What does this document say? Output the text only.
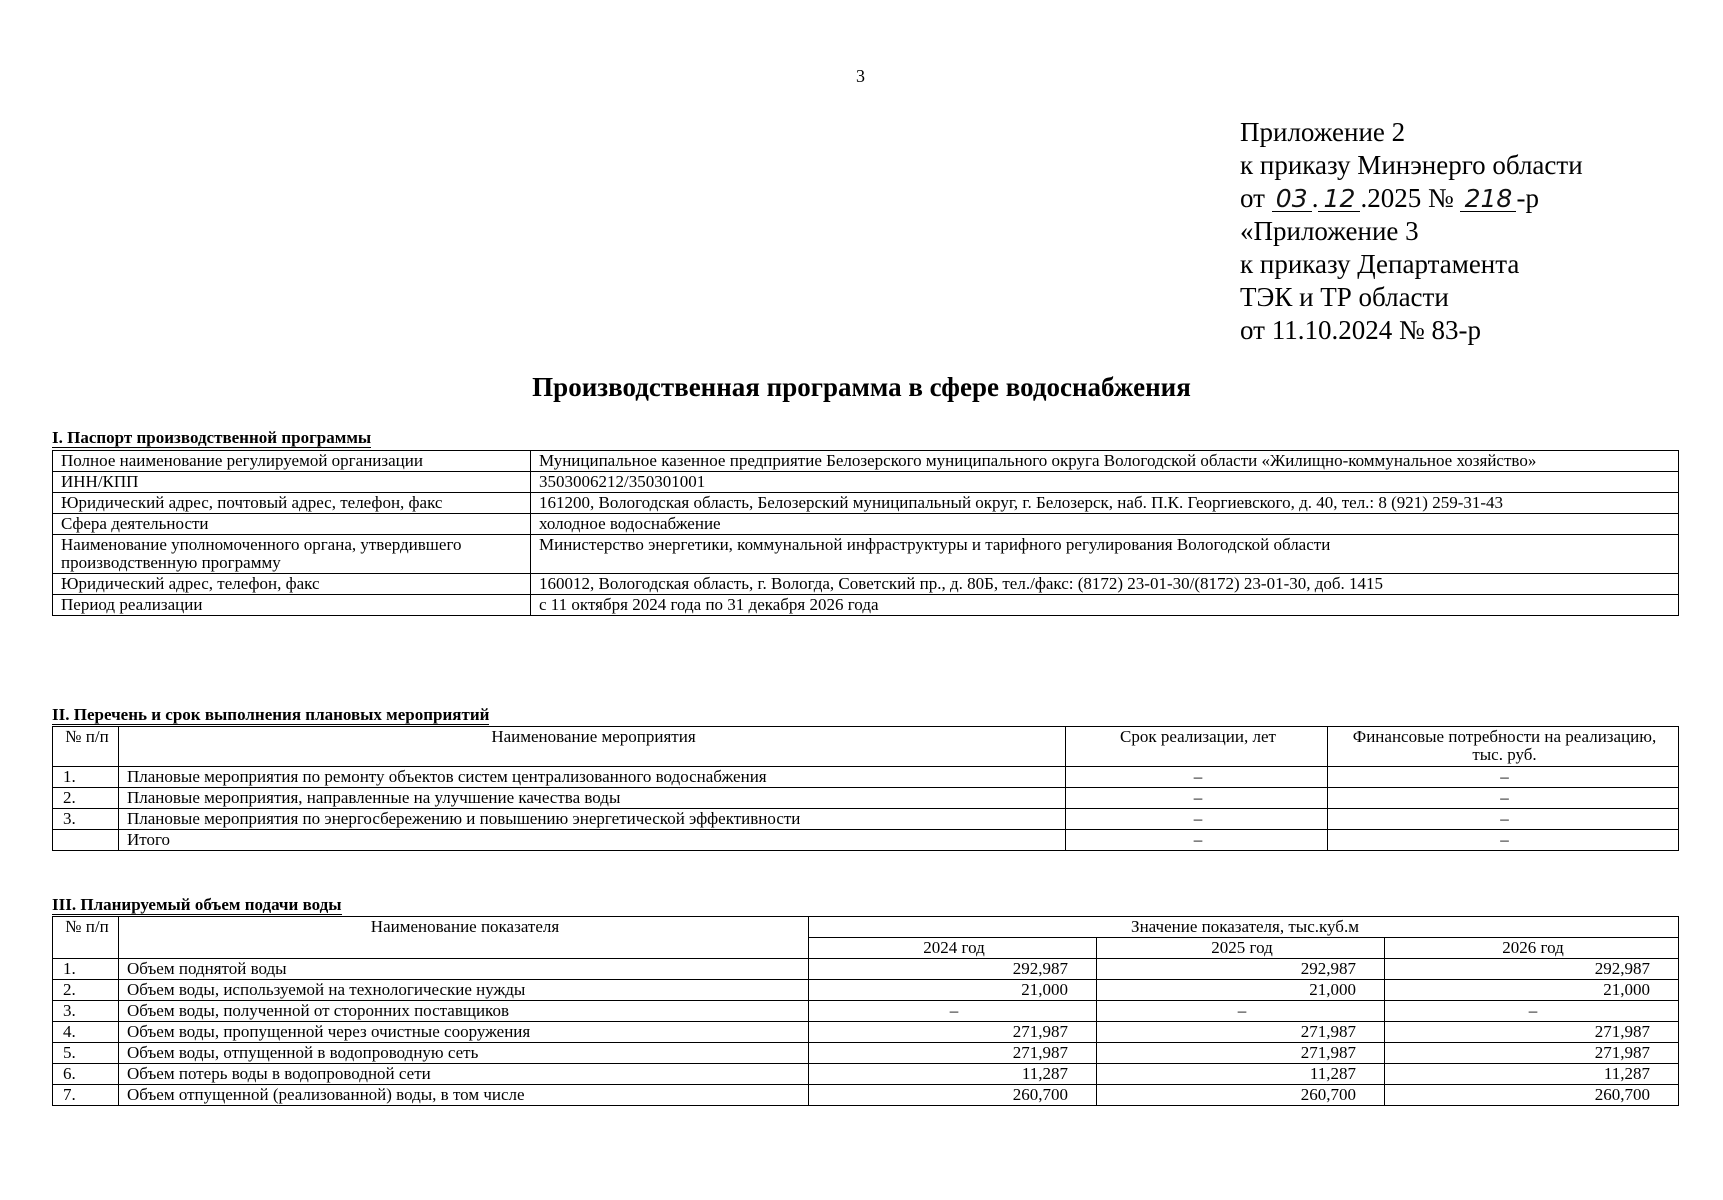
3
Приложение 2
к приказу Минэнерго области
от 03 . 12 .2025 № 218 -р
«Приложение 3
к приказу Департамента
ТЭК и ТР области
от 11.10.2024 № 83-р
Производственная программа в сфере водоснабжения
I. Паспорт производственной программы
Полное наименование регулируемой организации	Муниципальное казенное предприятие Белозерского муниципального округа Вологодской области «Жилищно-коммунальное хозяйство»
ИНН/КПП	3503006212/350301001
Юридический адрес, почтовый адрес, телефон, факс	161200, Вологодская область, Белозерский муниципальный округ, г. Белозерск, наб. П.К. Георгиевского, д. 40, тел.: 8 (921) 259-31-43
Сфера деятельности	холодное водоснабжение
Наименование уполномоченного органа, утвердившего производственную программу	Министерство энергетики, коммунальной инфраструктуры и тарифного регулирования Вологодской области
Юридический адрес, телефон, факс	160012, Вологодская область, г. Вологда, Советский пр., д. 80Б, тел./факс: (8172) 23-01-30/(8172) 23-01-30, доб. 1415
Период реализации	с 11 октября 2024 года по 31 декабря 2026 года
II. Перечень и срок выполнения плановых мероприятий
№ п/п	Наименование мероприятия	Срок реализации, лет	Финансовые потребности на реализацию, тыс. руб.
1.	Плановые мероприятия по ремонту объектов систем централизованного водоснабжения	–	–
2.	Плановые мероприятия, направленные на улучшение качества воды	–	–
3.	Плановые мероприятия по энергосбережению и повышению энергетической эффективности	–	–
	Итого	–	–
III. Планируемый объем подачи воды
№ п/п	Наименование показателя	Значение показателя, тыс.куб.м		
		2024 год	2025 год	2026 год
1.	Объем поднятой воды	292,987	292,987	292,987
2.	Объем воды, используемой на технологические нужды	21,000	21,000	21,000
3.	Объем воды, полученной от сторонних поставщиков	–	–	–
4.	Объем воды, пропущенной через очистные сооружения	271,987	271,987	271,987
5.	Объем воды, отпущенной в водопроводную сеть	271,987	271,987	271,987
6.	Объем потерь воды в водопроводной сети	11,287	11,287	11,287
7.	Объем отпущенной (реализованной) воды, в том числе	260,700	260,700	260,700
